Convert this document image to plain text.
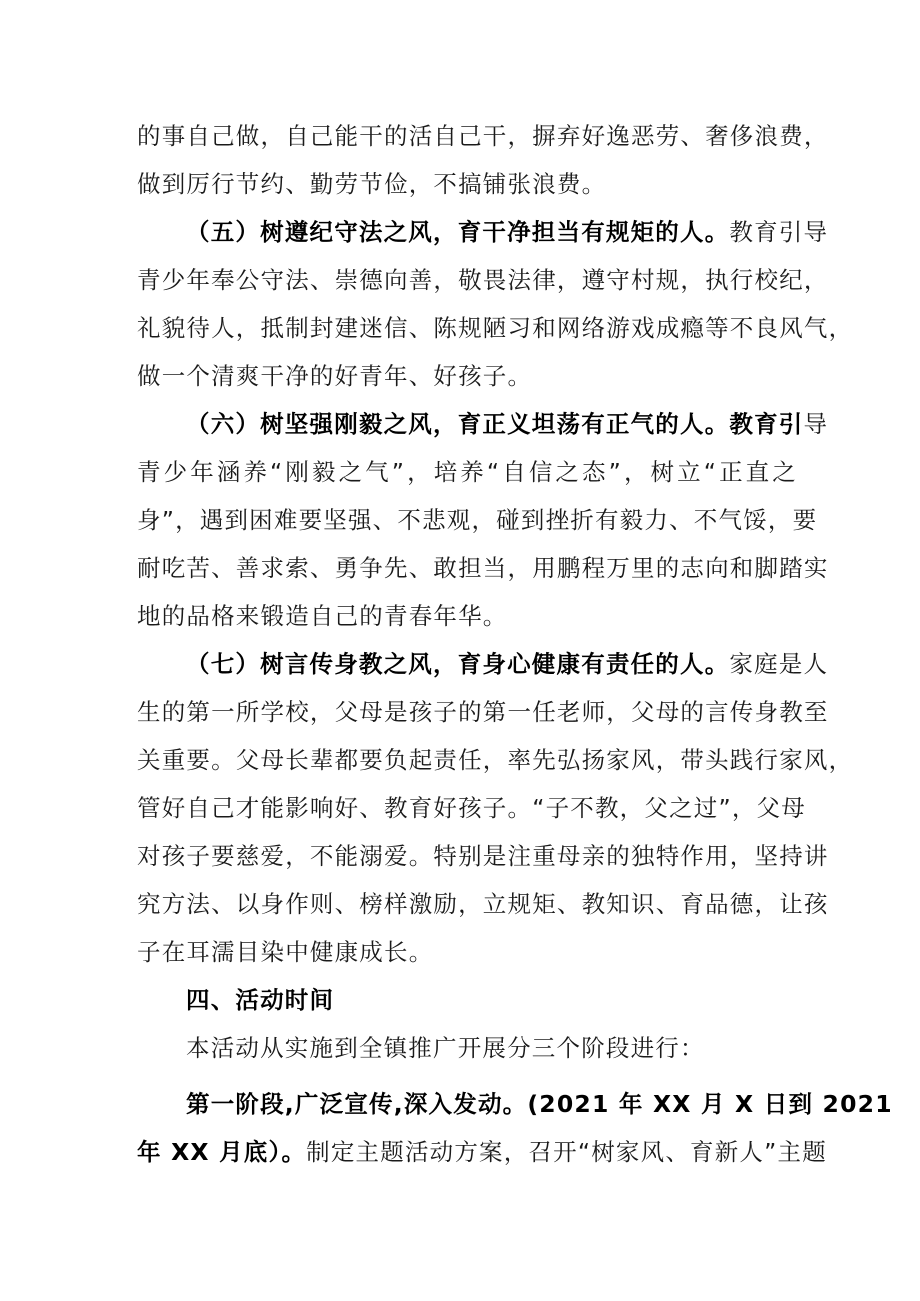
的事自己做，自己能干的活自己干，摒弃好逸恶劳、奢侈浪费，
做到厉行节约、勤劳节俭，不搞铺张浪费。
（五）树遵纪守法之风，育干净担当有规矩的人。教育引导
青少年奉公守法、崇德向善，敬畏法律，遵守村规，执行校纪，
礼貌待人，抵制封建迷信、陈规陋习和网络游戏成瘾等不良风气，
做一个清爽干净的好青年、好孩子。
（六）树坚强刚毅之风，育正义坦荡有正气的人。教育引导
青少年涵养“刚毅之气”，培养“自信之态”，树立“正直之
身”，遇到困难要坚强、不悲观，碰到挫折有毅力、不气馁，要
耐吃苦、善求索、勇争先、敢担当，用鹏程万里的志向和脚踏实
地的品格来锻造自己的青春年华。
（七）树言传身教之风，育身心健康有责任的人。家庭是人
生的第一所学校，父母是孩子的第一任老师，父母的言传身教至
关重要。父母长辈都要负起责任，率先弘扬家风，带头践行家风，
管好自己才能影响好、教育好孩子。“子不教，父之过”，父母
对孩子要慈爱，不能溺爱。特别是注重母亲的独特作用，坚持讲
究方法、以身作则、榜样激励，立规矩、教知识、育品德，让孩
子在耳濡目染中健康成长。
四、活动时间
本活动从实施到全镇推广开展分三个阶段进行：
第一阶段,广泛宣传,深入发动。(2021 年 XX 月 X 日到 2021
年 XX 月底）。制定主题活动方案，召开“树家风、育新人”主题
